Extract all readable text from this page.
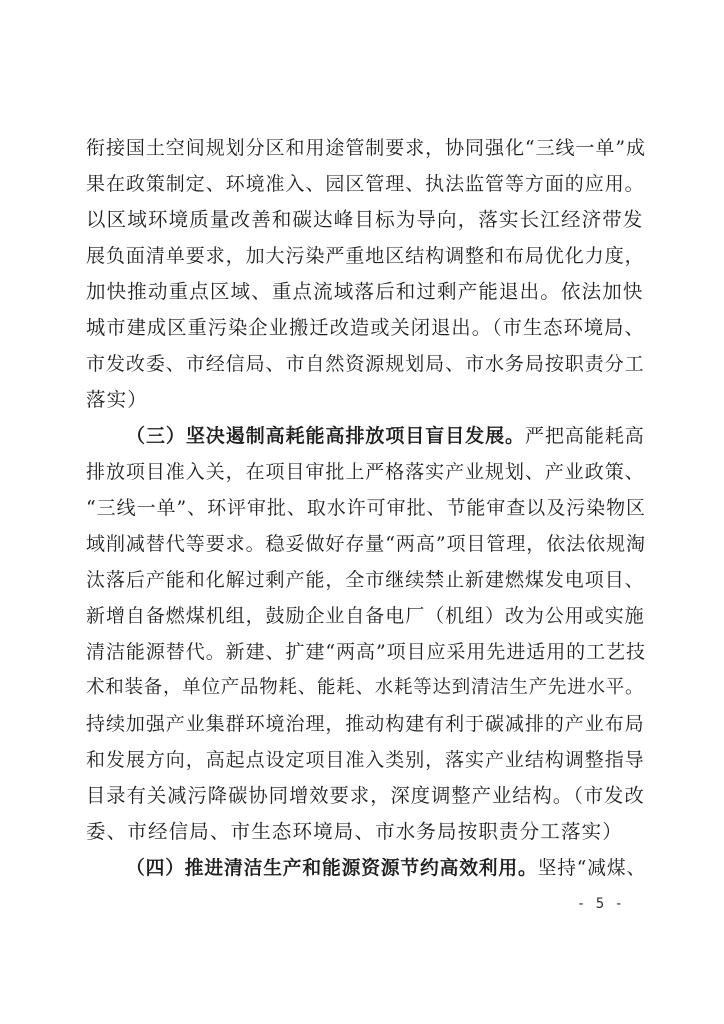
衔接国土空间规划分区和用途管制要求，协同强化“三线一单”成
果在政策制定、环境准入、园区管理、执法监管等方面的应用。
以区域环境质量改善和碳达峰目标为导向，落实长江经济带发
展负面清单要求，加大污染严重地区结构调整和布局优化力度，
加快推动重点区域、重点流域落后和过剩产能退出。依法加快
城市建成区重污染企业搬迁改造或关闭退出。（市生态环境局、
市发改委、市经信局、市自然资源规划局、市水务局按职责分工
落实）
（三）坚决遏制高耗能高排放项目盲目发展。严把高能耗高
排放项目准入关，在项目审批上严格落实产业规划、产业政策、
“三线一单”、环评审批、取水许可审批、节能审查以及污染物区
域削减替代等要求。稳妥做好存量“两高”项目管理，依法依规淘
汰落后产能和化解过剩产能，全市继续禁止新建燃煤发电项目、
新增自备燃煤机组，鼓励企业自备电厂（机组）改为公用或实施
清洁能源替代。新建、扩建“两高”项目应采用先进适用的工艺技
术和装备，单位产品物耗、能耗、水耗等达到清洁生产先进水平。
持续加强产业集群环境治理，推动构建有利于碳减排的产业布局
和发展方向，高起点设定项目准入类别，落实产业结构调整指导
目录有关减污降碳协同增效要求，深度调整产业结构。（市发改
委、市经信局、市生态环境局、市水务局按职责分工落实）
（四）推进清洁生产和能源资源节约高效利用。坚持“减煤、
- 5 -
